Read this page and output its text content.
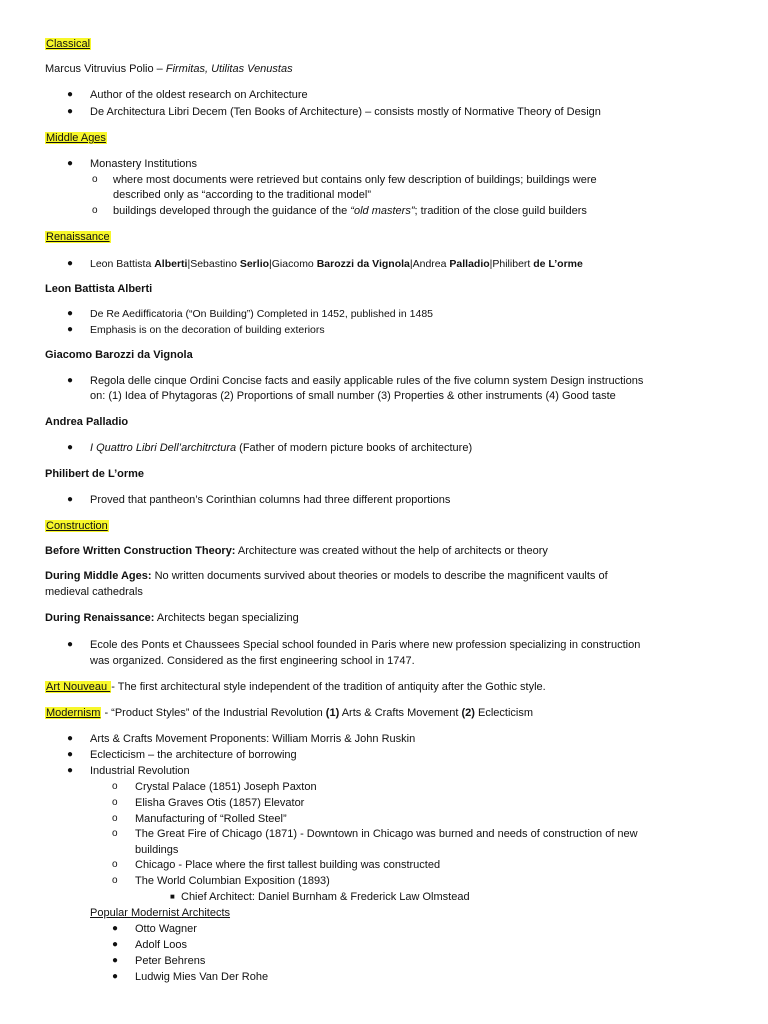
Classical
Marcus Vitruvius Polio – Firmitas, Utilitas Venustas
● Author of the oldest research on Architecture
● De Architectura Libri Decem (Ten Books of Architecture) – consists mostly of Normative Theory of Design
Middle Ages
● Monastery Institutions
o where most documents were retrieved but contains only few description of buildings; buildings were
described only as “according to the traditional model”
o buildings developed through the guidance of the “old masters”; tradition of the close guild builders
Renaissance
● Leon Battista Alberti|Sebastino Serlio|Giacomo Barozzi da Vignola|Andrea Palladio|Philibert de L’orme
Leon Battista Alberti
● De Re Aedifficatoria (“On Building”) Completed in 1452, published in 1485
● Emphasis is on the decoration of building exteriors
Giacomo Barozzi da Vignola
● Regola delle cinque Ordini Concise facts and easily applicable rules of the five column system Design instructions
on: (1) Idea of Phytagoras (2) Proportions of small number (3) Properties & other instruments (4) Good taste
Andrea Palladio
● I Quattro Libri Dell’architrctura (Father of modern picture books of architecture)
Philibert de L’orme
● Proved that pantheon’s Corinthian columns had three different proportions
Construction
Before Written Construction Theory: Architecture was created without the help of architects or theory
During Middle Ages: No written documents survived about theories or models to describe the magnificent vaults of
medieval cathedrals
During Renaissance: Architects began specializing
● Ecole des Ponts et Chaussees Special school founded in Paris where new profession specializing in construction
was organized. Considered as the first engineering school in 1747.
Art Nouveau - The first architectural style independent of the tradition of antiquity after the Gothic style.
Modernism - “Product Styles” of the Industrial Revolution (1) Arts & Crafts Movement (2) Eclecticism
● Arts & Crafts Movement Proponents: William Morris & John Ruskin
● Eclecticism – the architecture of borrowing
● Industrial Revolution
o Crystal Palace (1851) Joseph Paxton
o Elisha Graves Otis (1857) Elevator
o Manufacturing of “Rolled Steel”
o The Great Fire of Chicago (1871) - Downtown in Chicago was burned and needs of construction of new
buildings
o Chicago - Place where the first tallest building was constructed
o The World Columbian Exposition (1893)
■ Chief Architect: Daniel Burnham & Frederick Law Olmstead
Popular Modernist Architects
● Otto Wagner
● Adolf Loos
● Peter Behrens
● Ludwig Mies Van Der Rohe
